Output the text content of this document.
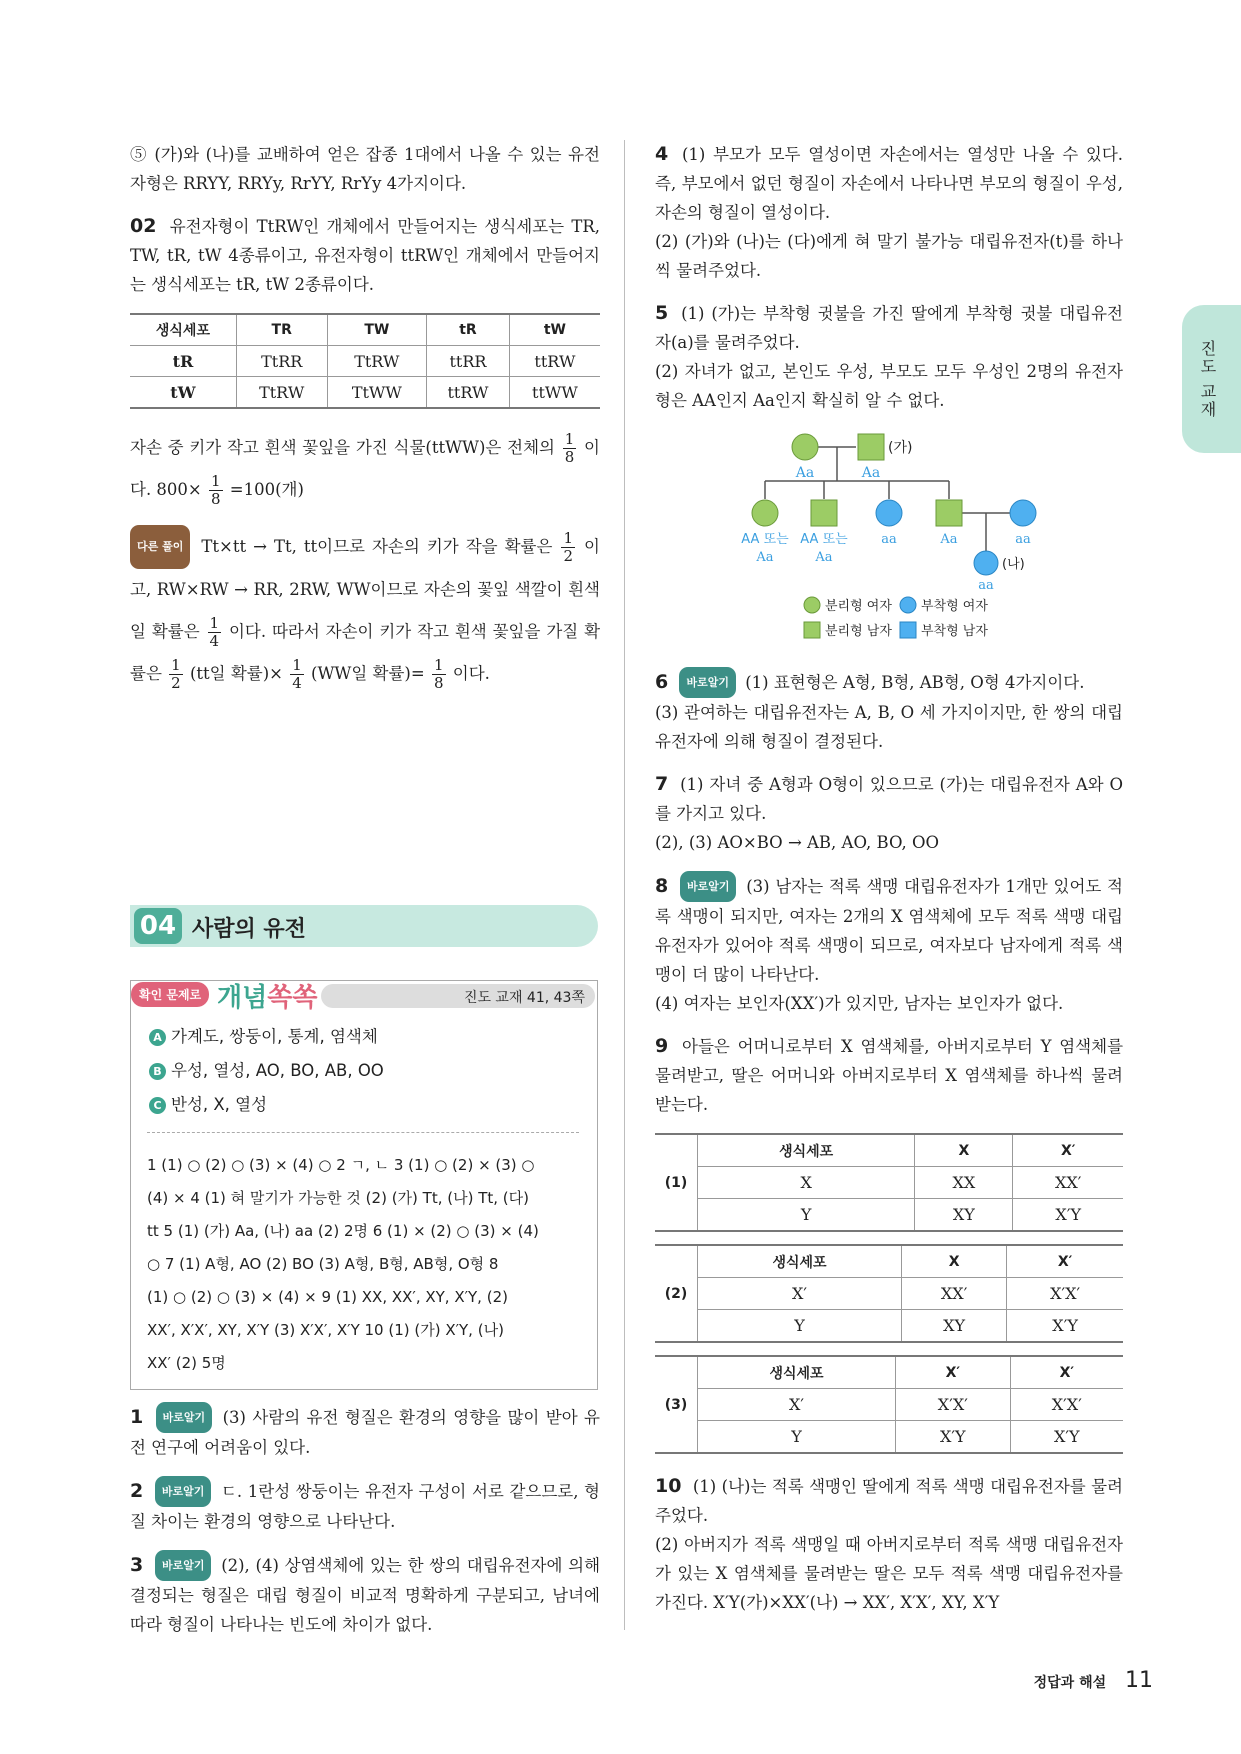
진도 교재

⑤ (가)와 (나)를 교배하여 얻은 잡종 1대에서 나올 수 있는 유전자형은 RRYY, RRYy, RrYY, RrYy 4가지이다.

02 유전자형이 TtRW인 개체에서 만들어지는 생식세포는 TR, TW, tR, tW 4종류이고, 유전자형이 ttRW인 개체에서 만들어지는 생식세포는 tR, tW 2종류이다.

생식세포	TR	TW	tR	tW
tR	TtRR	TtRW	ttRR	ttRW
tW	TtRW	TtWW	ttRW	ttWW

자손 중 키가 작고 흰색 꽃잎을 가진 식물(ttWW)은 전체의 $\frac{1}{8}$ 이다. $800\times \frac{1}{8} =100$(개)

다른 풀이 Tt×tt → Tt, tt이므로 자손의 키가 작을 확률은 $\frac{1}{2}$ 이고, RW×RW → RR, 2RW, WW이므로 자손의 꽃잎 색깔이 흰색일 확률은 $\frac{1}{4}$ 이다. 따라서 자손이 키가 작고 흰색 꽃잎을 가질 확률은 $\frac{1}{2} (tt$일 확률)× $\frac{1}{4} (WW$일 확률)= $\frac{1}{8}$ 이다.

04 사람의 유전
확인 문제로 개념쏙쏙	진도 교재 41, 43쪽
A 가계도, 쌍둥이, 통계, 염색체
B 우성, 열성, AO, BO, AB, OO
C 반성, X, 열성
1 (1) ○ (2) ○ (3) × (4) ○ 2 ㄱ, ㄴ 3 (1) ○ (2) × (3) ○
(4) × 4 (1) 혀 말기가 가능한 것 (2) (가) Tt, (나) Tt, (다)
tt 5 (1) (가) Aa, (나) aa (2) 2명 6 (1) × (2) ○ (3) × (4)
○ 7 (1) A형, AO (2) BO (3) A형, B형, AB형, O형 8
(1) ○ (2) ○ (3) × (4) × 9 (1) XX, XX′, XY, X′Y, (2)
XX′, X′X′, XY, X′Y (3) X′X′, X′Y 10 (1) (가) X′Y, (나)
XX′ (2) 5명

1 바로알기 (3) 사람의 유전 형질은 환경의 영향을 많이 받아 유전 연구에 어려움이 있다.

2 바로알기 ㄷ. 1란성 쌍둥이는 유전자 구성이 서로 같으므로, 형질 차이는 환경의 영향으로 나타난다.

3 바로알기 (2), (4) 상염색체에 있는 한 쌍의 대립유전자에 의해 결정되는 형질은 대립 형질이 비교적 명확하게 구분되고, 남녀에 따라 형질이 나타나는 빈도에 차이가 없다.

4 (1) 부모가 모두 열성이면 자손에서는 열성만 나올 수 있다. 즉, 부모에서 없던 형질이 자손에서 나타나면 부모의 형질이 우성, 자손의 형질이 열성이다.
(2) (가)와 (나)는 (다)에게 혀 말기 불가능 대립유전자(t)를 하나씩 물려주었다.

5 (1) (가)는 부착형 귓불을 가진 딸에게 부착형 귓불 대립유전자(a)를 물려주었다.
(2) 자녀가 없고, 본인도 우성, 부모도 모두 우성인 2명의 유전자형은 AA인지 Aa인지 확실히 알 수 없다.

(가)
Aa	Aa
AA 또는
Aa
AA 또는
Aa
aa	Aa	aa
(나)
aa
분리형 여자 부착형 여자
분리형 남자 부착형 남자

6 바로알기 (1) 표현형은 A형, B형, AB형, O형 4가지이다.
(3) 관여하는 대립유전자는 A, B, O 세 가지이지만, 한 쌍의 대립유전자에 의해 형질이 결정된다.

7 (1) 자녀 중 A형과 O형이 있으므로 (가)는 대립유전자 A와 O를 가지고 있다.
(2), (3) AO×BO → AB, AO, BO, OO

8 바로알기 (3) 남자는 적록 색맹 대립유전자가 1개만 있어도 적록 색맹이 되지만, 여자는 2개의 X 염색체에 모두 적록 색맹 대립유전자가 있어야 적록 색맹이 되므로, 여자보다 남자에게 적록 색맹이 더 많이 나타난다.
(4) 여자는 보인자(XX′)가 있지만, 남자는 보인자가 없다.

9 아들은 어머니로부터 X 염색체를, 아버지로부터 Y 염색체를 물려받고, 딸은 어머니와 아버지로부터 X 염색체를 하나씩 물려받는다.

(1)	생식세포	X	X′
	X	XX	XX′
	Y	XY	X′Y
(2)	생식세포	X	X′
	X′	XX′	X′X′
	Y	XY	X′Y
(3)	생식세포	X′	X′
	X′	X′X′	X′X′
	Y	X′Y	X′Y

10 (1) (나)는 적록 색맹인 딸에게 적록 색맹 대립유전자를 물려주었다.
(2) 아버지가 적록 색맹일 때 아버지로부터 적록 색맹 대립유전자가 있는 X 염색체를 물려받는 딸은 모두 적록 색맹 대립유전자를 가진다. X′Y(가)×XX′(나) → XX′, X′X′, XY, X′Y

정답과 해설 11
